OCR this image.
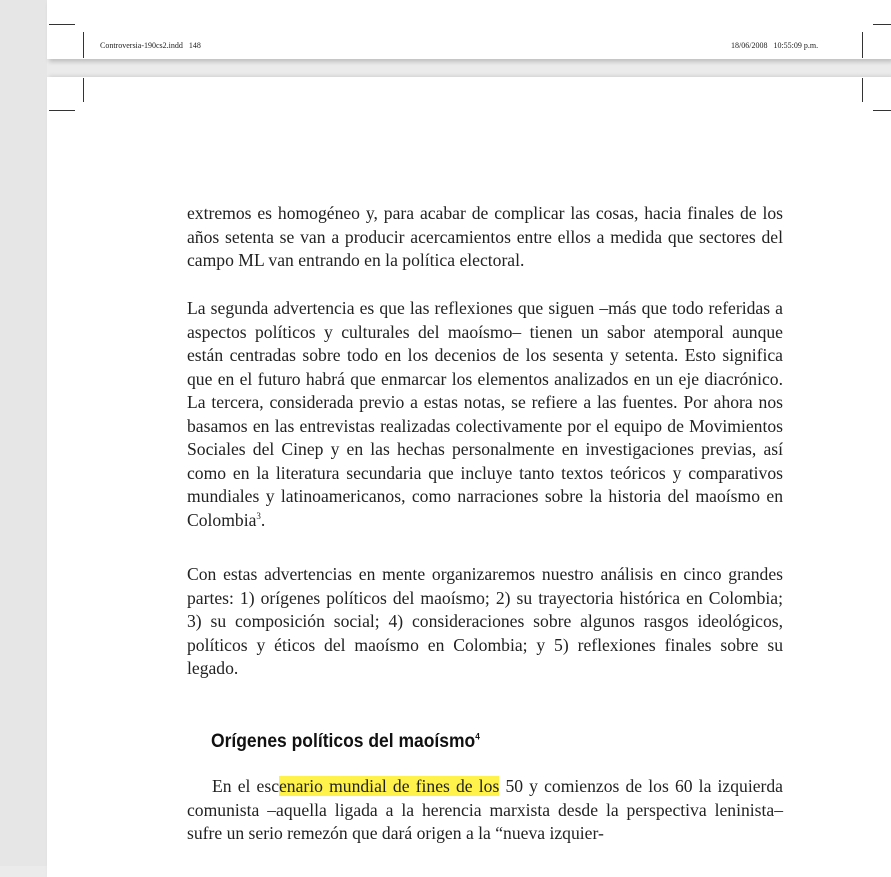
Controversia-190cs2.indd   148	18/06/2008   10:55:09 p.m.

extremos es homogéneo y, para acabar de complicar las cosas, hacia finales de los años setenta se van a producir acercamientos entre ellos a medida que sectores del campo ML van entrando en la política electoral.

La segunda advertencia es que las reflexiones que siguen –más que todo referidas a aspectos políticos y culturales del maoísmo– tienen un sabor atemporal aunque están centradas sobre todo en los decenios de los sesenta y setenta. Esto significa que en el futuro habrá que enmarcar los elementos analizados en un eje diacrónico. La tercera, considerada previo a estas notas, se refiere a las fuentes. Por ahora nos basamos en las entrevistas realizadas colectivamente por el equipo de Movimientos Sociales del Cinep y en las hechas personalmente en investigaciones previas, así como en la literatura secundaria que incluye tanto textos teóricos y comparativos mundiales y latinoamericanos, como narraciones sobre la historia del maoísmo en Colombia$^3$.

Con estas advertencias en mente organizaremos nuestro análisis en cinco grandes partes: 1) orígenes políticos del maoísmo; 2) su trayectoria histórica en Colombia; 3) su composición social; 4) consideraciones sobre algunos rasgos ideológicos, políticos y éticos del maoísmo en Colombia; y 5) reflexiones finales sobre su legado.

Orígenes políticos del maoísmo$^4$

En el escenario mundial de fines de los 50 y comienzos de los 60 la izquierda comunista –aquella ligada a la herencia marxista desde la perspectiva leninista– sufre un serio remezón que dará origen a la “nueva izquier-
